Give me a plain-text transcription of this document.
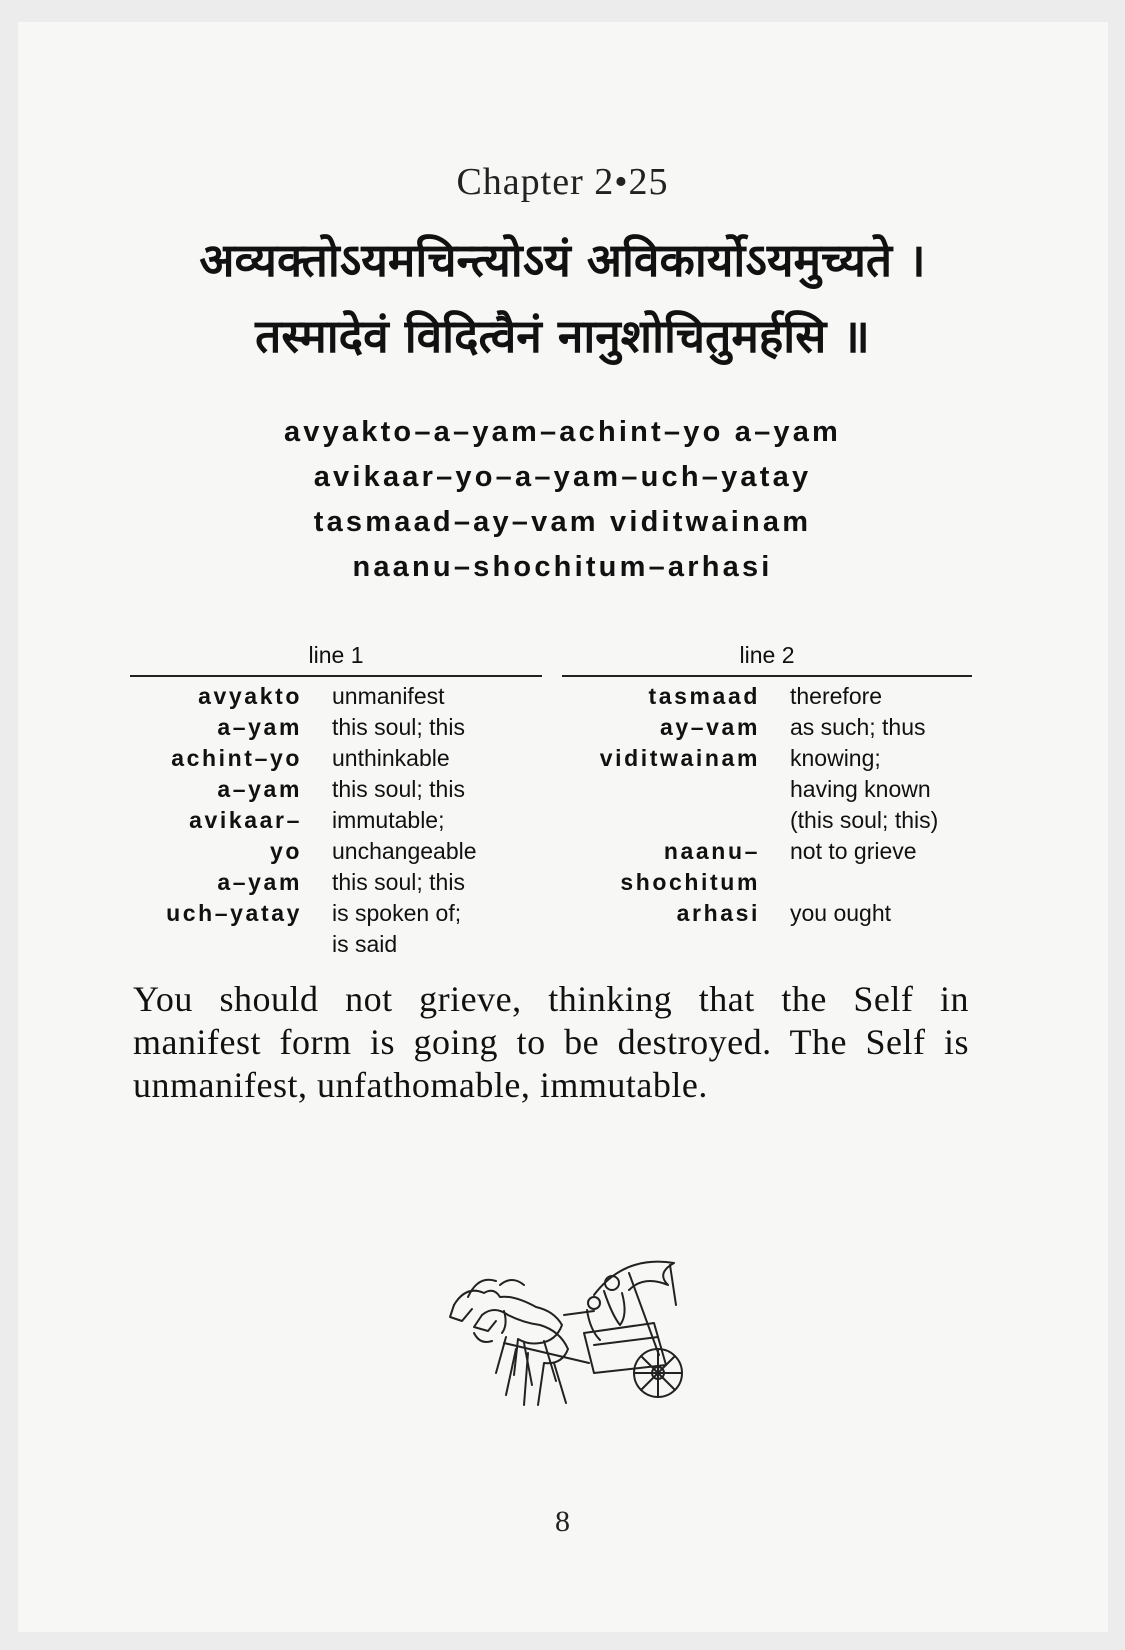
Chapter 2•25
अव्यक्तोऽयमचिन्त्योऽयं अविकार्योऽयमुच्यते ।
तस्मादेवं विदित्वैनं नानुशोचितुमर्हसि ॥
avyakto–a–yam–achint–yo a–yam
avikaar–yo–a–yam–uch–yatay
tasmaad–ay–vam viditwainam
naanu–shochitum–arhasi
line 1
avyakto	unmanifest
a–yam	this soul; this
achint–yo	unthinkable
a–yam	this soul; this
avikaar–	immutable;
yo	unchangeable
a–yam	this soul; this
uch–yatay	is spoken of;
is said
line 2
tasmaad	therefore
ay–vam	as such; thus
viditwainam	knowing;
having known
(this soul; this)
naanu–	not to grieve
shochitum
arhasi	you ought
You should not grieve, thinking that the Self in manifest form is going to be destroyed. The Self is unmanifest, unfathomable, immutable.
8
